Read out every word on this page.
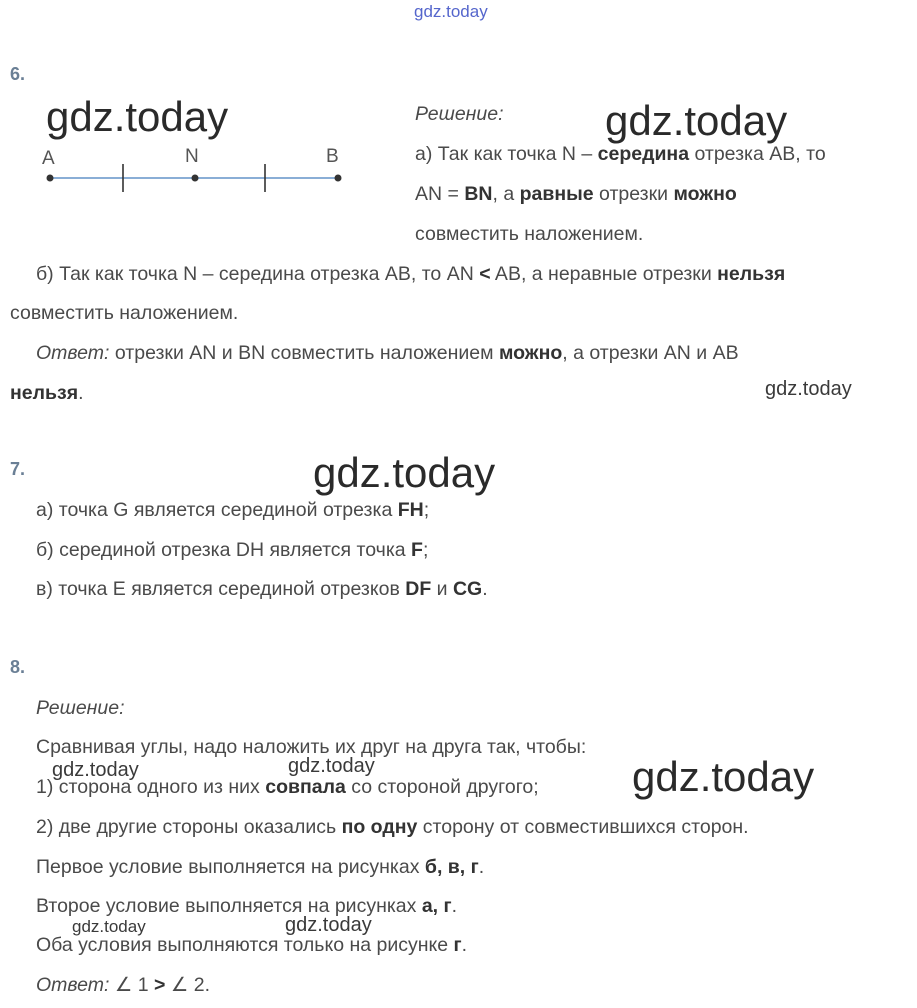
gdz.today
6.
gdz.today
A	N	B
Решение: gdz.today
а) Так как точка N – середина отрезка AB, то
AN = BN, а равные отрезки можно
совместить наложением.
б) Так как точка N – середина отрезка AB, то AN < AB, а неравные отрезки нельзя
совместить наложением.
Ответ: отрезки AN и BN совместить наложением можно, а отрезки AN и AB
нельзя.	gdz.today
7.	gdz.today
а) точка G является серединой отрезка FH;
б) серединой отрезка DH является точка F;
в) точка E является серединой отрезков DF и CG.
8.
Решение:
Сравнивая углы, надо наложить их друг на друга так, чтобы:
gdz.today	gdz.today
1) сторона одного из них совпала со стороной другого; gdz.today
2) две другие стороны оказались по одну сторону от совместившихся сторон.
Первое условие выполняется на рисунках б, в, г.
Второе условие выполняется на рисунках а, г.
gdz.today	gdz.today
Оба условия выполняются только на рисунке г.
Ответ: ∠ 1 > ∠ 2.
